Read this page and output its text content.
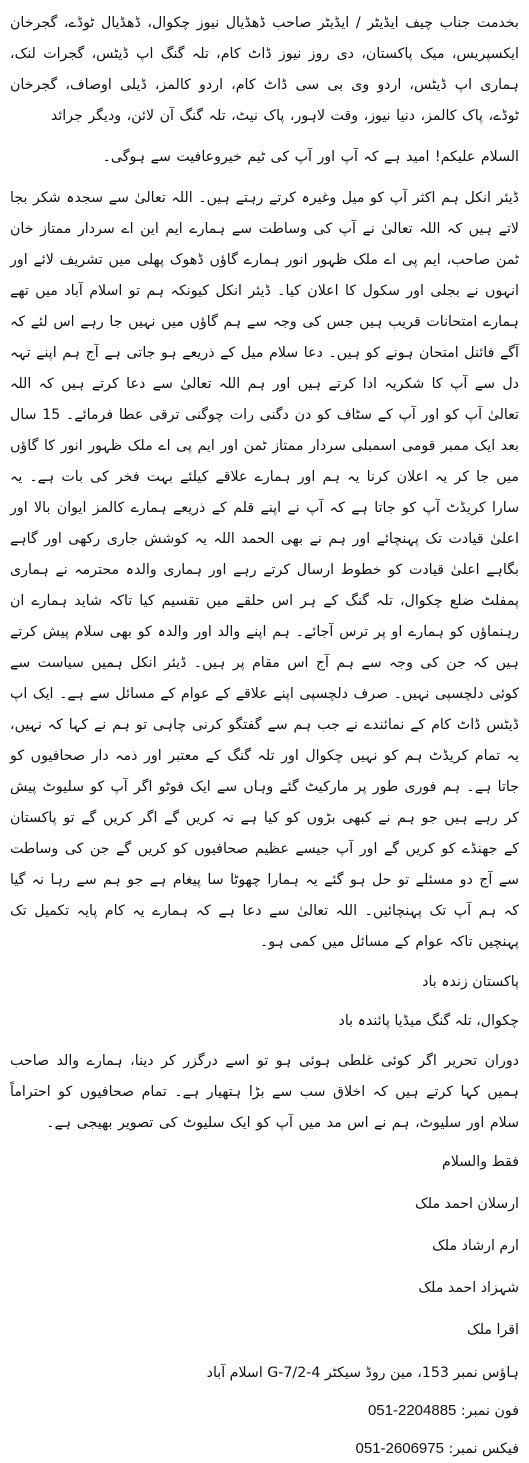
بخدمت جناب چیف ایڈیٹر / ایڈیٹر صاحب ڈھڈیال نیوز چکوال، ڈھڈیال ٹوڈے، گجرخان ایکسپریس، میک پاکستان، دی روز نیوز ڈاٹ کام، تلہ گنگ اپ ڈیٹس، گجرات لنک، ہماری اپ ڈیٹس، اردو وی بی سی ڈاٹ کام، اردو کالمز، ڈیلی اوصاف، گجرخان ٹوڈے، پاک کالمز، دنیا نیوز، وقت لاہور، پاک نیٹ، تلہ گنگ آن لائن، ودیگر جرائد

السلام علیکم! امید ہے کہ آپ اور آپ کی ٹیم خیروعافیت سے ہوگی۔

ڈیئر انکل ہم اکثر آپ کو میل وغیرہ کرتے رہتے ہیں۔ اللہ تعالیٰ سے سجدہ شکر بجا لاتے ہیں کہ اللہ تعالیٰ نے آپ کی وساطت سے ہمارے ایم این اے سردار ممتاز خان ٹمن صاحب، ایم پی اے ملک ظہور انور ہمارے گاؤں ڈھوک پھلی میں تشریف لائے اور انہوں نے بجلی اور سکول کا اعلان کیا۔ ڈیئر انکل کیونکہ ہم تو اسلام آباد میں تھے ہمارے امتحانات قریب ہیں جس کی وجہ سے ہم گاؤں میں نہیں جا رہے اس لئے کہ آگے فائنل امتحان ہونے کو ہیں۔ دعا سلام میل کے ذریعے ہو جاتی ہے آج ہم اپنے تہہ دل سے آپ کا شکریہ ادا کرتے ہیں اور ہم اللہ تعالیٰ سے دعا کرتے ہیں کہ اللہ تعالیٰ آپ کو اور آپ کے سٹاف کو دن دگنی رات چوگنی ترقی عطا فرمائے۔ 15 سال بعد ایک ممبر قومی اسمبلی سردار ممتاز ٹمن اور ایم پی اے ملک ظہور انور کا گاؤں میں جا کر یہ اعلان کرنا یہ ہم اور ہمارے علاقے کیلئے بہت فخر کی بات ہے۔ یہ سارا کریڈٹ آپ کو جاتا ہے کہ آپ نے اپنے قلم کے ذریعے ہمارے کالمز ایوان بالا اور اعلیٰ قیادت تک پہنچائے اور ہم نے بھی الحمد اللہ یہ کوشش جاری رکھی اور گاہے بگاہے اعلیٰ قیادت کو خطوط ارسال کرتے رہے اور ہماری والدہ محترمہ نے ہماری پمفلٹ ضلع چکوال، تلہ گنگ کے ہر اس حلقے میں تقسیم کیا تاکہ شاید ہمارے ان رہنماؤں کو ہمارے او پر ترس آجائے۔ ہم اپنے والد اور والدہ کو بھی سلام پیش کرتے ہیں کہ جن کی وجہ سے ہم آج اس مقام پر ہیں۔ ڈیئر انکل ہمیں سیاست سے کوئی دلچسپی نہیں۔ صرف دلچسپی اپنے علاقے کے عوام کے مسائل سے ہے۔ ایک اپ ڈیٹس ڈاٹ کام کے نمائندے نے جب ہم سے گفتگو کرنی چاہی تو ہم نے کہا کہ نہیں، یہ تمام کریڈٹ ہم کو نہیں چکوال اور تلہ گنگ کے معتبر اور ذمہ دار صحافیوں کو جاتا ہے۔ ہم فوری طور پر مارکیٹ گئے وہاں سے ایک فوٹو اگر آپ کو سلیوٹ پیش کر رہے ہیں جو ہم نے کبھی بڑوں کو کیا ہے نہ کریں گے اگر کریں گے تو پاکستان کے جھنڈے کو کریں گے اور آپ جیسے عظیم صحافیوں کو کریں گے جن کی وساطت سے آج دو مسئلے تو حل ہو گئے یہ ہمارا چھوٹا سا پیغام ہے جو ہم سے رہا نہ گیا کہ ہم آپ تک پہنچائیں۔ اللہ تعالیٰ سے دعا ہے کہ ہمارے یہ کام پایہ تکمیل تک پہنچیں تاکہ عوام کے مسائل میں کمی ہو۔

پاکستان زندہ باد

چکوال، تلہ گنگ میڈیا پائندہ باد

دوران تحریر اگر کوئی غلطی ہوئی ہو تو اسے درگزر کر دینا، ہمارے والد صاحب ہمیں کہا کرتے ہیں کہ اخلاق سب سے بڑا ہتھیار ہے۔ تمام صحافیوں کو احتراماً سلام اور سلیوٹ، ہم نے اس مد میں آپ کو ایک سلیوٹ کی تصویر بھیجی ہے۔

فقط والسلام
ارسلان احمد ملک
ارم ارشاد ملک
شہزاد احمد ملک
اقرا ملک

ہاؤس نمبر 153، مین روڈ سیکٹر G-7/2-4 اسلام آباد

فون نمبر: 051-2204885

فیکس نمبر: 051-2606975
